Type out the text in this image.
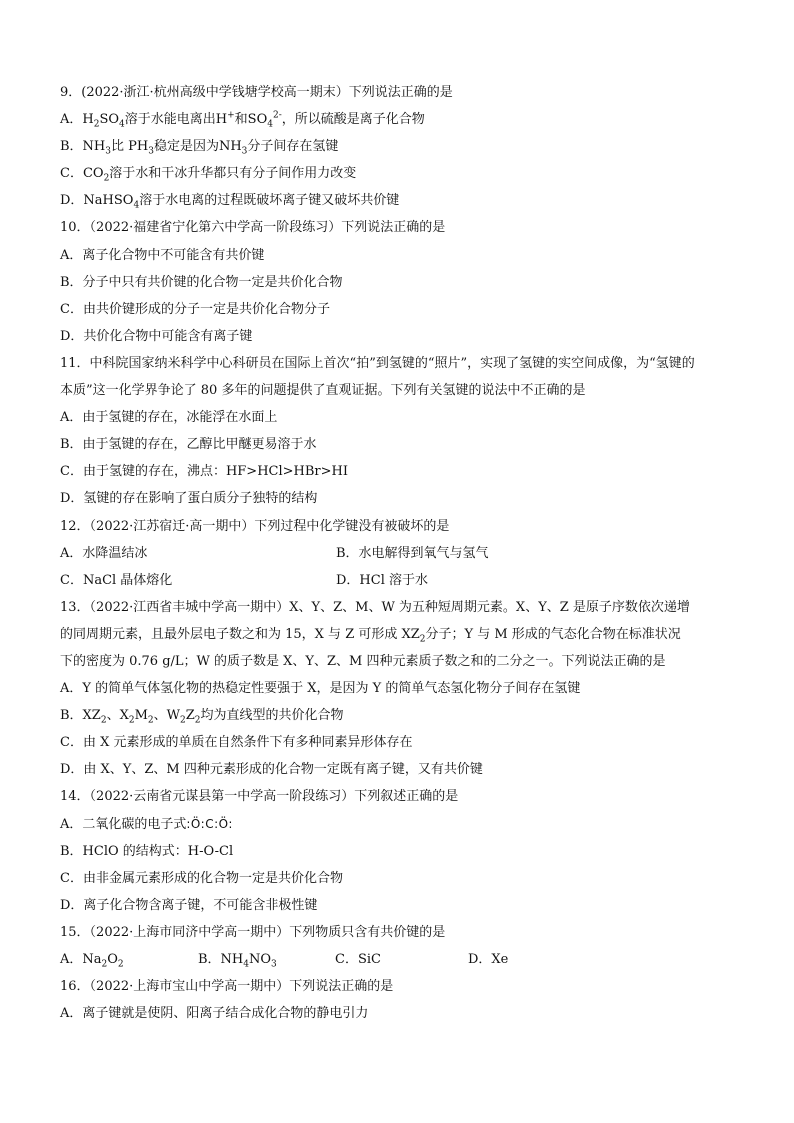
9．(2022·浙江·杭州高级中学钱塘学校高一期末）下列说法正确的是
A．$H_2SO_4$溶于水能电离出H+和$SO_4^{2-}$，所以硫酸是离子化合物
B．$NH_3$比 $PH_3$稳定是因为$NH_3$分子间存在氢键
C．$CO_2$溶于水和干冰升华都只有分子间作用力改变
D．NaHSO$_4$溶于水电离的过程既破坏离子键又破坏共价键
10．（2022·福建省宁化第六中学高一阶段练习）下列说法正确的是
A．离子化合物中不可能含有共价键
B．分子中只有共价键的化合物一定是共价化合物
C．由共价键形成的分子一定是共价化合物分子
D．共价化合物中可能含有离子键
11．中科院国家纳米科学中心科研员在国际上首次“拍”到氢键的“照片”，实现了氢键的实空间成像，为“氢键的
本质”这一化学界争论了 80 多年的问题提供了直观证据。下列有关氢键的说法中不正确的是
A．由于氢键的存在，冰能浮在水面上
B．由于氢键的存在，乙醇比甲醚更易溶于水
C．由于氢键的存在，沸点：HF>HCl>HBr>HI
D．氢键的存在影响了蛋白质分子独特的结构
12．（2022·江苏宿迁·高一期中）下列过程中化学键没有被破坏的是
A．水降温结冰	B．水电解得到氧气与氢气
C．NaCl 晶体熔化	D．HCl 溶于水
13．（2022·江西省丰城中学高一期中）X、Y、Z、M、W 为五种短周期元素。X、Y、Z 是原子序数依次递增
的同周期元素，且最外层电子数之和为 15，X 与 Z 可形成 $XZ_2$分子；Y 与 M 形成的气态化合物在标准状况
下的密度为 0.76 g/L；W 的质子数是 X、Y、Z、M 四种元素质子数之和的二分之一。下列说法正确的是
A．Y 的简单气体氢化物的热稳定性要强于 X，是因为 Y 的简单气态氢化物分子间存在氢键
B．$XZ_2$、$X_2M_2$、$W_2Z_2$均为直线型的共价化合物
C．由 X 元素形成的单质在自然条件下有多种同素异形体存在
D．由 X、Y、Z、M 四种元素形成的化合物一定既有离子键，又有共价键
14．（2022·云南省元谋县第一中学高一阶段练习）下列叙述正确的是
A．二氧化碳的电子式:Ö:C:Ö:
B．HClO 的结构式：H-O-Cl
C．由非金属元素形成的化合物一定是共价化合物
D．离子化合物含离子键，不可能含非极性键
15．（2022·上海市同济中学高一期中）下列物质只含有共价键的是
A．$Na_2O_2$	B．$NH_4NO_3$	C．SiC	D．Xe
16．（2022·上海市宝山中学高一期中）下列说法正确的是
A．离子键就是使阴、阳离子结合成化合物的静电引力
